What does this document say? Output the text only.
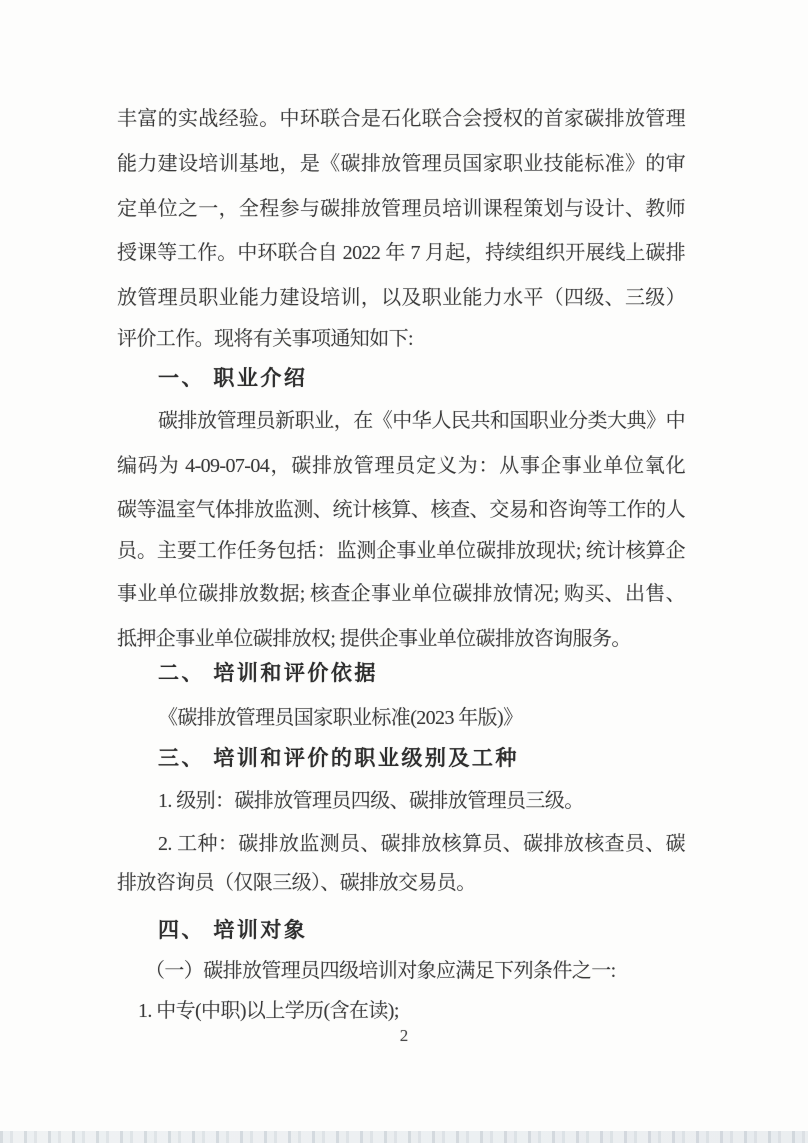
丰富的实战经验。中环联合是石化联合会授权的首家碳排放管理
能力建设培训基地，是《碳排放管理员国家职业技能标准》的审
定单位之一，全程参与碳排放管理员培训课程策划与设计、教师
授课等工作。中环联合自 2022 年 7 月起，持续组织开展线上碳排
放管理员职业能力建设培训，以及职业能力水平（四级、三级）
评价工作。现将有关事项通知如下:
一、 职业介绍
碳排放管理员新职业，在《中华人民共和国职业分类大典》中
编码为 4-09-07-04，碳排放管理员定义为：从事企事业单位氧化
碳等温室气体排放监测、统计核算、核查、交易和咨询等工作的人
员。主要工作任务包括：监测企事业单位碳排放现状; 统计核算企
事业单位碳排放数据; 核查企事业单位碳排放情况; 购买、出售、
抵押企事业单位碳排放权; 提供企事业单位碳排放咨询服务。
二、 培训和评价依据
《碳排放管理员国家职业标准(2023 年版)》
三、 培训和评价的职业级别及工种
1. 级别：碳排放管理员四级、碳排放管理员三级。
2. 工种：碳排放监测员、碳排放核算员、碳排放核查员、碳
排放咨询员（仅限三级）、碳排放交易员。
四、 培训对象
（一）碳排放管理员四级培训对象应满足下列条件之一:
1. 中专(中职)以上学历(含在读);
2
